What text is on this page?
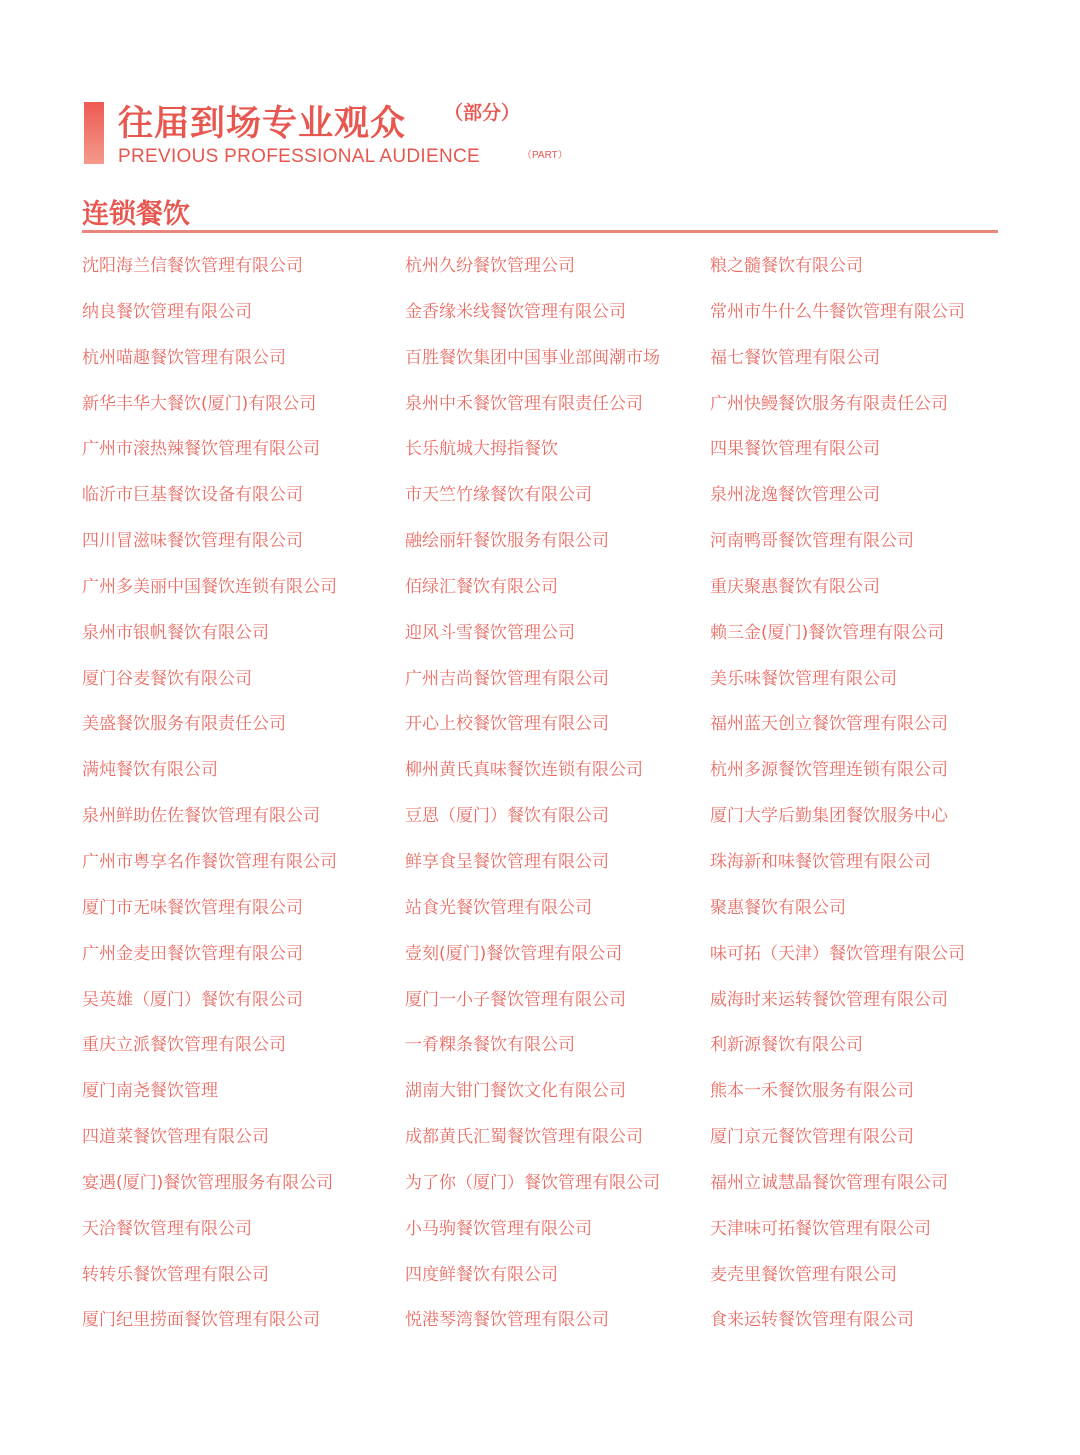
往届到场专业观众 （部分）
PREVIOUS PROFESSIONAL AUDIENCE	（PART）
连锁餐饮
沈阳海兰信餐饮管理有限公司	杭州久纷餐饮管理公司	粮之髓餐饮有限公司
纳良餐饮管理有限公司	金香缘米线餐饮管理有限公司	常州市牛什么牛餐饮管理有限公司
杭州喵趣餐饮管理有限公司	百胜餐饮集团中国事业部闽潮市场	福七餐饮管理有限公司
新华丰华大餐饮(厦门)有限公司	泉州中禾餐饮管理有限责任公司	广州快鳗餐饮服务有限责任公司
广州市滚热辣餐饮管理有限公司	长乐航城大拇指餐饮	四果餐饮管理有限公司
临沂市巨基餐饮设备有限公司	市天竺竹缘餐饮有限公司	泉州泷逸餐饮管理公司
四川冒滋味餐饮管理有限公司	融绘丽轩餐饮服务有限公司	河南鸭哥餐饮管理有限公司
广州多美丽中国餐饮连锁有限公司	佰绿汇餐饮有限公司	重庆聚惠餐饮有限公司
泉州市银帆餐饮有限公司	迎风斗雪餐饮管理公司	赖三金(厦门)餐饮管理有限公司
厦门谷麦餐饮有限公司	广州吉尚餐饮管理有限公司	美乐味餐饮管理有限公司
美盛餐饮服务有限责任公司	开心上校餐饮管理有限公司	福州蓝天创立餐饮管理有限公司
满炖餐饮有限公司	柳州黄氏真味餐饮连锁有限公司	杭州多源餐饮管理连锁有限公司
泉州鲜助佐佐餐饮管理有限公司	豆恩（厦门）餐饮有限公司	厦门大学后勤集团餐饮服务中心
广州市粤享名作餐饮管理有限公司	鲜享食呈餐饮管理有限公司	珠海新和味餐饮管理有限公司
厦门市无味餐饮管理有限公司	站食光餐饮管理有限公司	聚惠餐饮有限公司
广州金麦田餐饮管理有限公司	壹刻(厦门)餐饮管理有限公司	味可拓（天津）餐饮管理有限公司
吴英雄（厦门）餐饮有限公司	厦门一小子餐饮管理有限公司	威海时来运转餐饮管理有限公司
重庆立派餐饮管理有限公司	一肴粿条餐饮有限公司	利新源餐饮有限公司
厦门南尧餐饮管理	湖南大钳门餐饮文化有限公司	熊本一禾餐饮服务有限公司
四道菜餐饮管理有限公司	成都黄氏汇蜀餐饮管理有限公司	厦门京元餐饮管理有限公司
宴遇(厦门)餐饮管理服务有限公司	为了你（厦门）餐饮管理有限公司	福州立诚慧晶餐饮管理有限公司
天洽餐饮管理有限公司	小马驹餐饮管理有限公司	天津味可拓餐饮管理有限公司
转转乐餐饮管理有限公司	四度鲜餐饮有限公司	麦壳里餐饮管理有限公司
厦门纪里捞面餐饮管理有限公司	悦港琴湾餐饮管理有限公司	食来运转餐饮管理有限公司
